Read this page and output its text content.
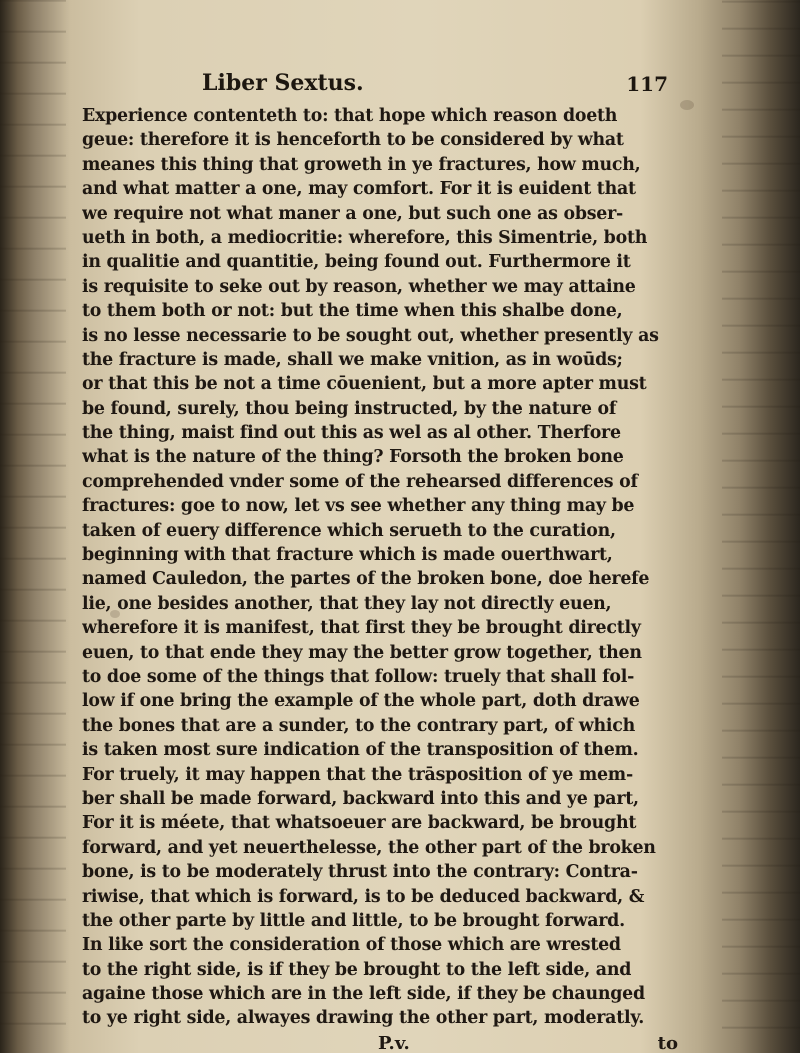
Liber Sextus.	117
Experience contenteth to: that hope which reason doeth
geue: therefore it is henceforth to be considered by what
meanes this thing that groweth in ye fractures, how much,
and what matter a one, may comfort. For it is euident that
we require not what maner a one, but such one as obser-
ueth in both, a mediocritie: wherefore, this Simentrie, both
in qualitie and quantitie, being found out. Furthermore it
is requisite to seke out by reason, whether we may attaine
to them both or not: but the time when this shalbe done,
is no lesse necessarie to be sought out, whether presently as
the fracture is made, shall we make vnition, as in woūds;
or that this be not a time cōuenient, but a more apter must
be found, surely, thou being instructed, by the nature of
the thing, maist find out this as wel as al other. Therfore
what is the nature of the thing? Forsoth the broken bone
comprehended vnder some of the rehearsed differences of
fractures: goe to now, let vs see whether any thing may be
taken of euery difference which serueth to the curation,
beginning with that fracture which is made ouerthwart,
named Cauledon, the partes of the broken bone, doe herefe
lie, one besides another, that they lay not directly euen,
wherefore it is manifest, that first they be brought directly
euen, to that ende they may the better grow together, then
to doe some of the things that follow: truely that shall fol-
low if one bring the example of the whole part, doth drawe
the bones that are a sunder, to the contrary part, of which
is taken most sure indication of the transposition of them.
For truely, it may happen that the trāsposition of ye mem-
ber shall be made forward, backward into this and ye part,
For it is méete, that whatsoeuer are backward, be brought
forward, and yet neuerthelesse, the other part of the broken
bone, is to be moderately thrust into the contrary: Contra-
riwise, that which is forward, is to be deduced backward, &
the other parte by little and little, to be brought forward.
In like sort the consideration of those which are wrested
to the right side, is if they be brought to the left side, and
againe those which are in the left side, if they be chaunged
to ye right side, alwayes drawing the other part, moderatly.
P.v.	to
